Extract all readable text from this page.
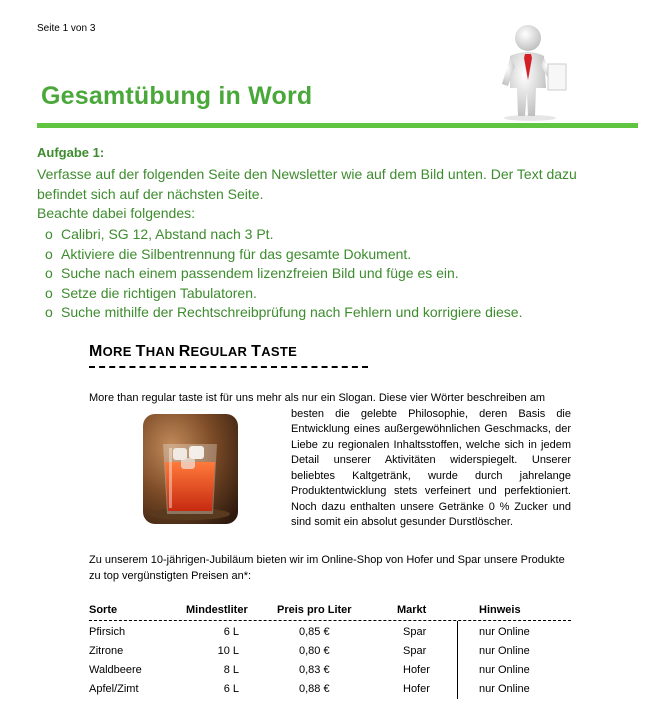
Seite 1 von 3
Gesamtübung in Word
Aufgabe 1:
Verfasse auf der folgenden Seite den Newsletter wie auf dem Bild unten. Der Text dazu befindet sich auf der nächsten Seite.
Beachte dabei folgendes:
o Calibri, SG 12, Abstand nach 3 Pt.
o Aktiviere die Silbentrennung für das gesamte Dokument.
o Suche nach einem passendem lizenzfreien Bild und füge es ein.
o Setze die richtigen Tabulatoren.
o Suche mithilfe der Rechtschreibprüfung nach Fehlern und korrigiere diese.
MORE THAN REGULAR TASTE
More than regular taste ist für uns mehr als nur ein Slogan. Diese vier Wörter beschreiben am
besten die gelebte Philosophie, deren Basis die Entwicklung eines außergewöhnlichen Geschmacks, der Liebe zu regionalen Inhaltsstoffen, welche sich in jedem Detail unserer Aktivitäten widerspiegelt. Unserer beliebtes Kaltgetränk, wurde durch jahrelange Produktentwicklung stets verfeinert und perfektioniert. Noch dazu enthalten unsere Getränke 0 % Zucker und sind somit ein absolut gesunder Durstlöscher.
Zu unserem 10-jährigen-Jubiläum bieten wir im Online-Shop von Hofer und Spar unsere Produkte zu top vergünstigten Preisen an*:
Sorte	Mindestliter	Preis pro Liter	Markt	Hinweis
Pfirsich	6 L	0,85 €	Spar	nur Online
Zitrone	10 L	0,80 €	Spar	nur Online
Waldbeere	8 L	0,83 €	Hofer	nur Online
Apfel/Zimt	6 L	0,88 €	Hofer	nur Online
